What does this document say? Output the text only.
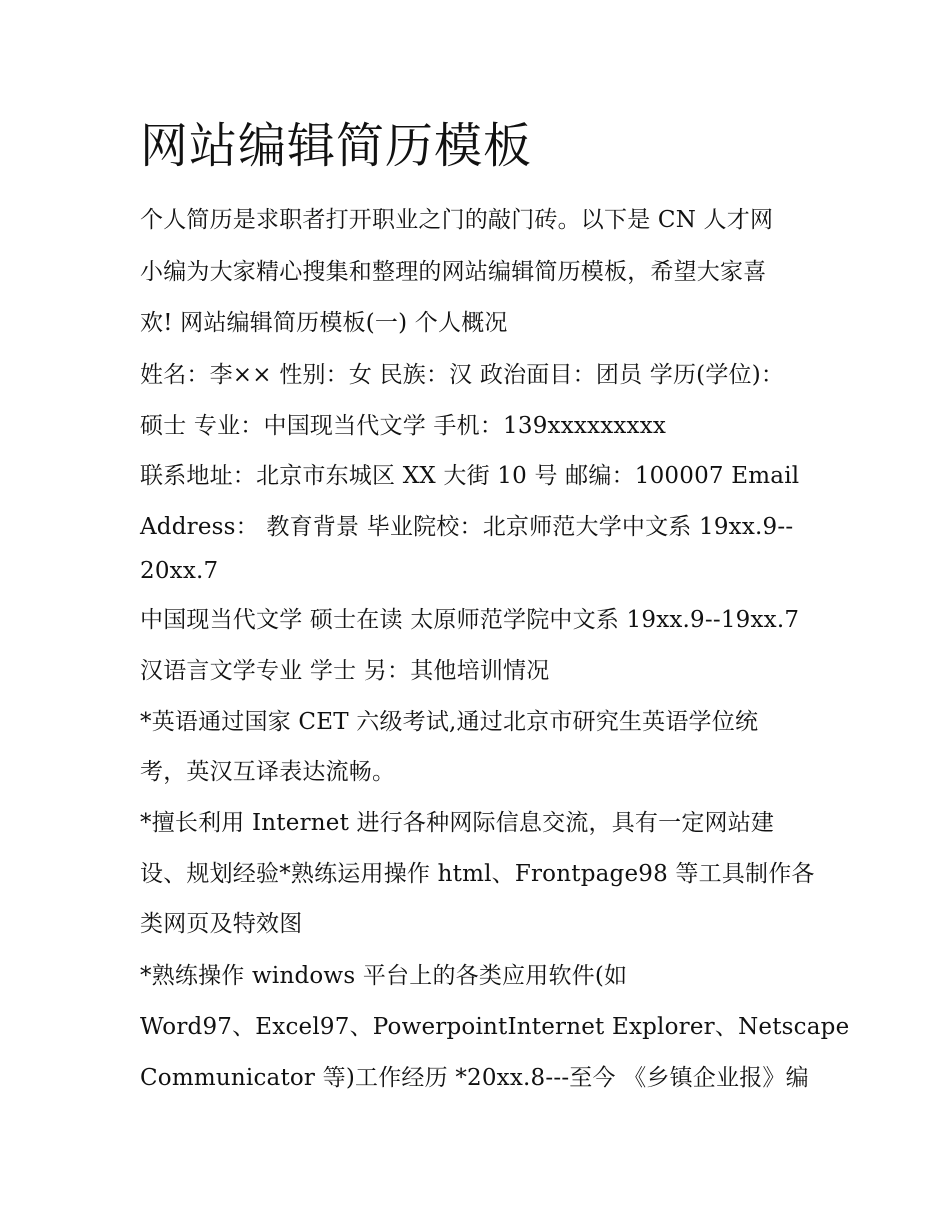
网站编辑简历模板

个人简历是求职者打开职业之门的敲门砖。以下是 CN 人才网

小编为大家精心搜集和整理的网站编辑简历模板，希望大家喜

欢! 网站编辑简历模板(一) 个人概况

姓名：李×× 性别：女 民族：汉 政治面目：团员 学历(学位)：

硕士 专业：中国现当代文学 手机：139xxxxxxxxx

联系地址：北京市东城区 XX 大街 10 号 邮编：100007 Email

Address： 教育背景 毕业院校：北京师范大学中文系 19xx.9--

20xx.7

中国现当代文学 硕士在读 太原师范学院中文系 19xx.9--19xx.7

汉语言文学专业 学士 另：其他培训情况

*英语通过国家 CET 六级考试,通过北京市研究生英语学位统

考，英汉互译表达流畅。

*擅长利用 Internet 进行各种网际信息交流，具有一定网站建

设、规划经验*熟练运用操作 html、Frontpage98 等工具制作各

类网页及特效图

*熟练操作 windows 平台上的各类应用软件(如

Word97、Excel97、PowerpointInternet Explorer、Netscape

Communicator 等)工作经历 *20xx.8---至今 《乡镇企业报》编
